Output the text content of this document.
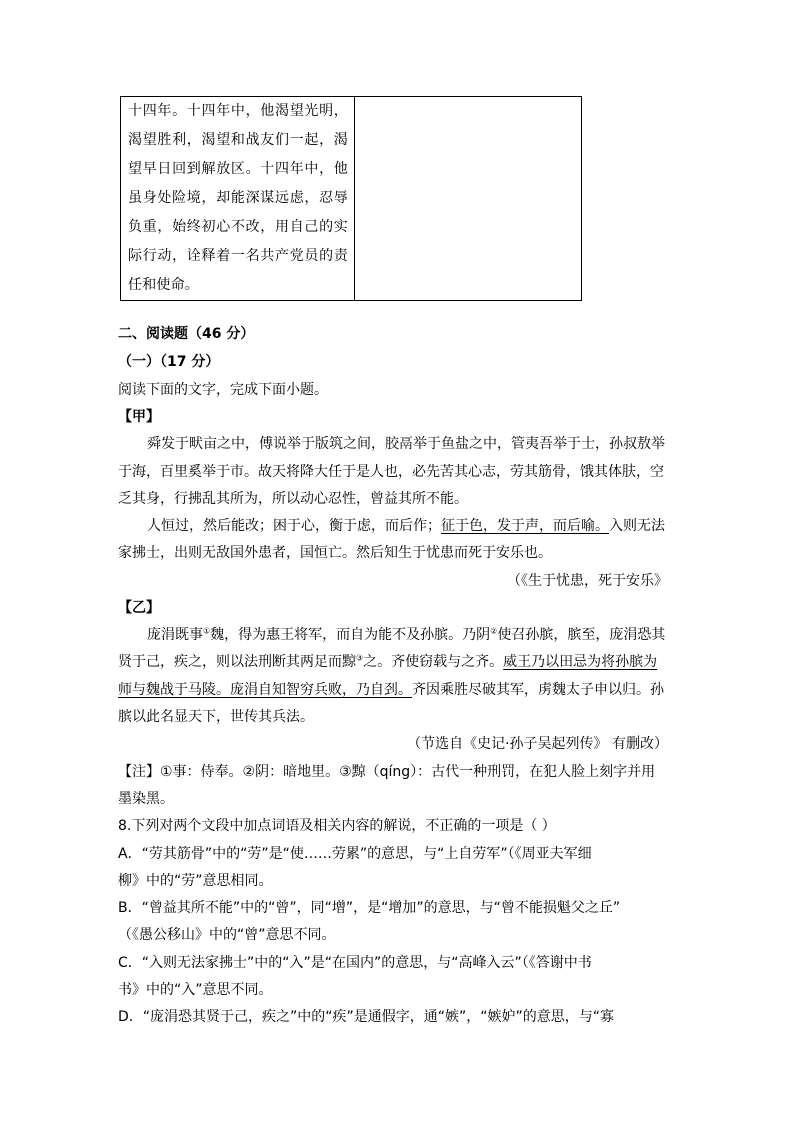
十四年。十四年中，他渴望光明，渴望胜利，渴望和战友们一起，渴望早日回到解放区。十四年中，他虽身处险境，却能深谋远虑，忍辱负重，始终初心不改，用自己的实际行动，诠释着一名共产党员的责任和使命。

二、阅读题（46 分）
（一）（17 分）
阅读下面的文字，完成下面小题。
【甲】
舜发于畎亩之中，傅说举于版筑之间，胶鬲举于鱼盐之中，管夷吾举于士，孙叔敖举
于海，百里奚举于市。故天将降大任于是人也，必先苦其心志，劳其筋骨，饿其体肤，空
乏其身，行拂乱其所为，所以动心忍性，曾益其所不能。
人恒过，然后能改；困于心，衡于虑，而后作；征于色，发于声，而后喻。入则无法
家拂士，出则无敌国外患者，国恒亡。然后知生于忧患而死于安乐也。
（《生于忧患，死于安乐》
【乙】
庞涓既事①魏，得为惠王将军，而自为能不及孙膑。乃阴②使召孙膑，膑至，庞涓恐其
贤于己，疾之，则以法刑断其两足而黥③之。齐使窃载与之齐。威王乃以田忌为将孙膑为
师与魏战于马陵。庞涓自知智穷兵败，乃自刭。齐因乘胜尽破其军，虏魏太子申以归。孙
膑以此名显天下，世传其兵法。
（节选自《史记·孙子吴起列传》 有删改）
【注】①事：侍奉。②阴：暗地里。③黥（qíng）：古代一种刑罚，在犯人脸上刻字并用
墨染黑。
8.下列对两个文段中加点词语及相关内容的解说，不正确的一项是（ ）
A．“劳其筋骨”中的“劳”是“使……劳累”的意思，与“上自劳军”（《周亚夫军细
柳》中的“劳”意思相同。
B．“曾益其所不能”中的“曾”，同“增”，是“增加”的意思，与“曾不能损魁父之丘”
（《愚公移山》中的“曾”意思不同。
C．“入则无法家拂士”中的“入”是“在国内”的意思，与“高峰入云”（《答谢中书
书》中的“入”意思不同。
D．“庞涓恐其贤于己，疾之”中的“疾”是通假字，通“嫉”，“嫉妒”的意思，与“寡
